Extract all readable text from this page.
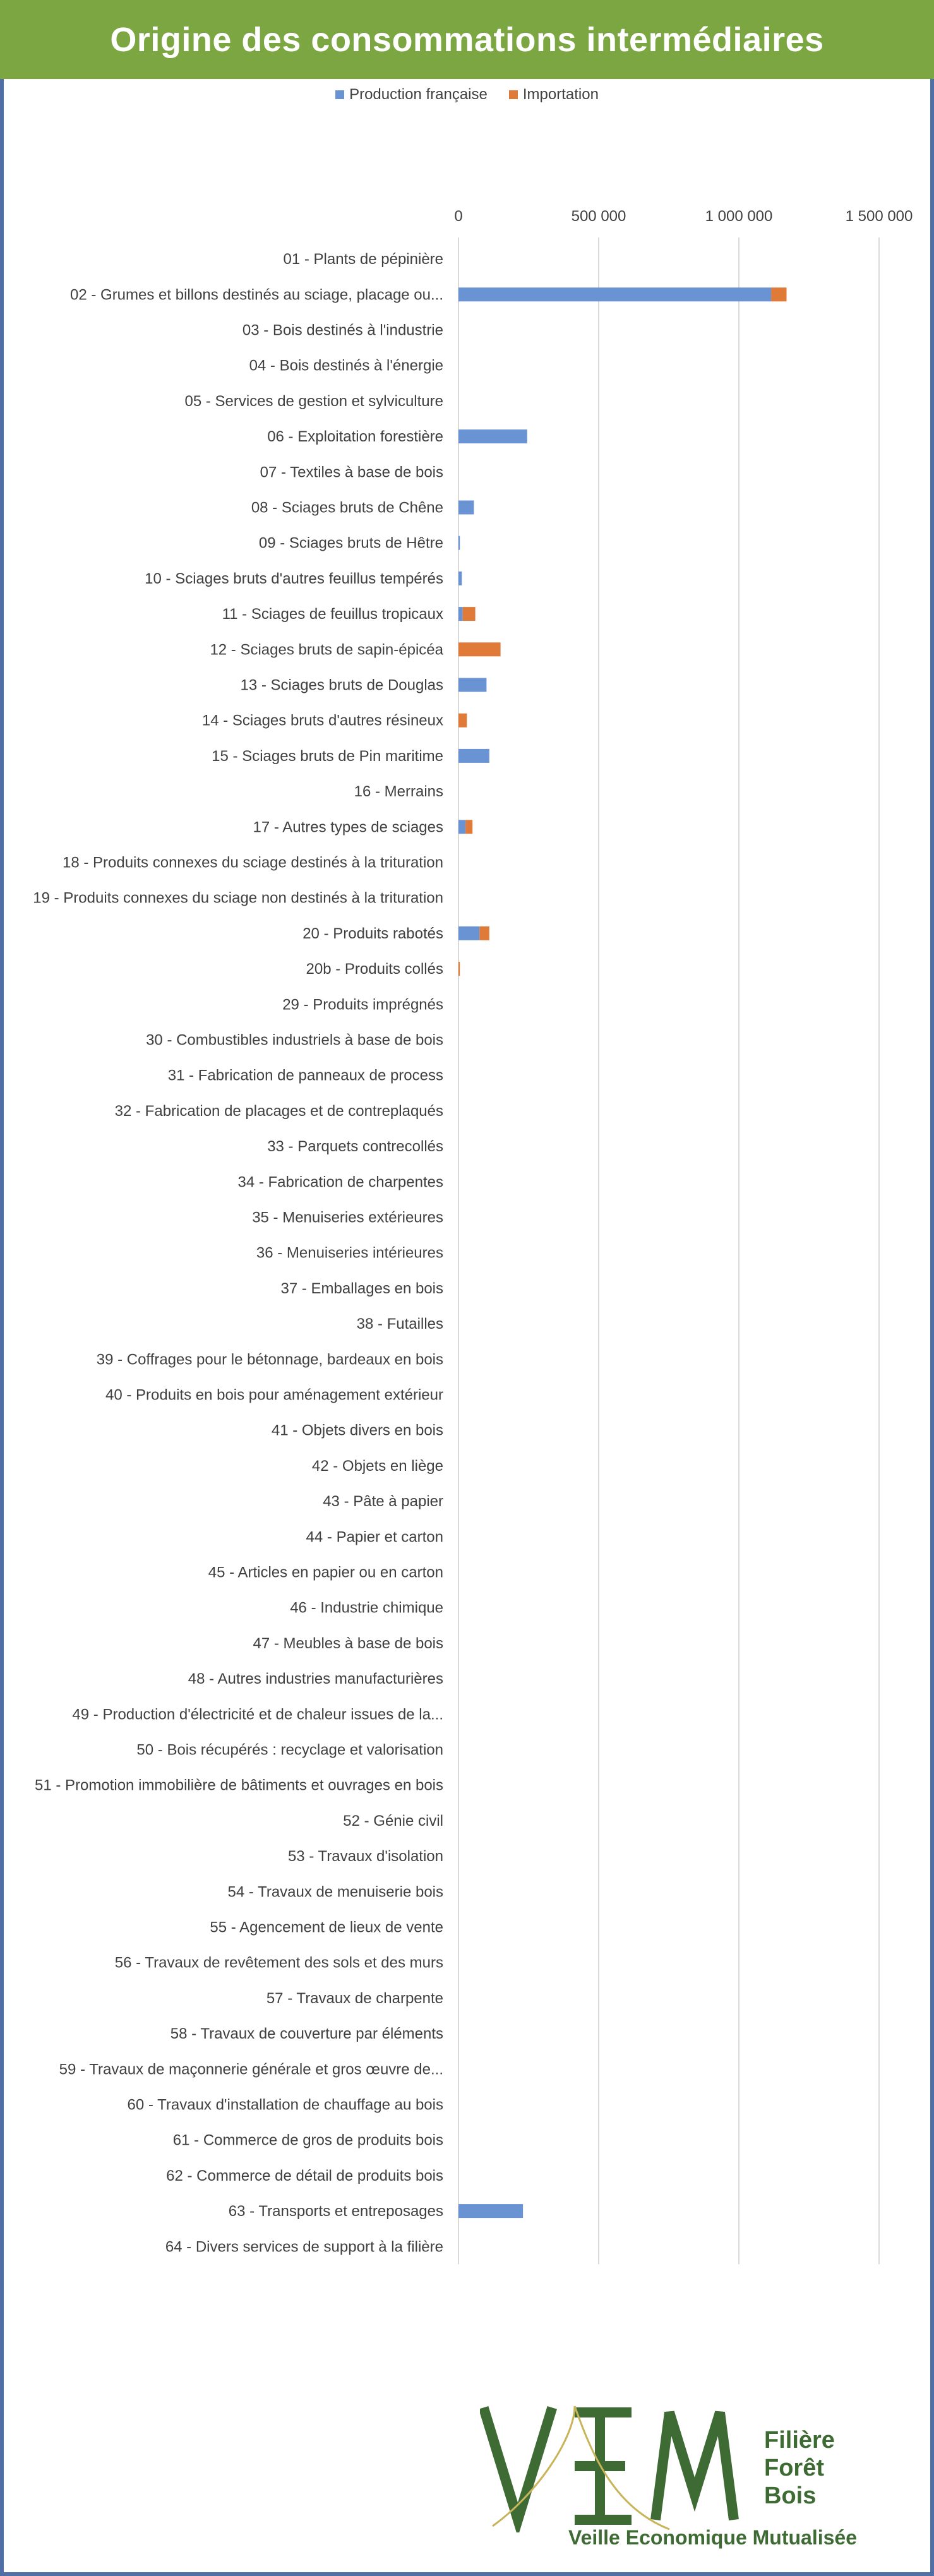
Origine des consommations intermédiaires
Production française Importation
0	500 000	1 000 000	1 500 000
01 - Plants de pépinière
02 - Grumes et billons destinés au sciage, placage ou...
03 - Bois destinés à l'industrie
04 - Bois destinés à l'énergie
05 - Services de gestion et sylviculture
06 - Exploitation forestière
07 - Textiles à base de bois
08 - Sciages bruts de Chêne
09 - Sciages bruts de Hêtre
10 - Sciages bruts d'autres feuillus tempérés
11 - Sciages de feuillus tropicaux
12 - Sciages bruts de sapin-épicéa
13 - Sciages bruts de Douglas
14 - Sciages bruts d'autres résineux
15 - Sciages bruts de Pin maritime
16 - Merrains
17 - Autres types de sciages
18 - Produits connexes du sciage destinés à la trituration
19 - Produits connexes du sciage non destinés à la trituration
20 - Produits rabotés
20b - Produits collés
29 - Produits imprégnés
30 - Combustibles industriels à base de bois
31 - Fabrication de panneaux de process
32 - Fabrication de placages et de contreplaqués
33 - Parquets contrecollés
34 - Fabrication de charpentes
35 - Menuiseries extérieures
36 - Menuiseries intérieures
37 - Emballages en bois
38 - Futailles
39 - Coffrages pour le bétonnage, bardeaux en bois
40 - Produits en bois pour aménagement extérieur
41 - Objets divers en bois
42 - Objets en liège
43 - Pâte à papier
44 - Papier et carton
45 - Articles en papier ou en carton
46 - Industrie chimique
47 - Meubles à base de bois
48 - Autres industries manufacturières
49 - Production d'électricité et de chaleur issues de la...
50 - Bois récupérés : recyclage et valorisation
51 - Promotion immobilière de bâtiments et ouvrages en bois
52 - Génie civil
53 - Travaux d'isolation
54 - Travaux de menuiserie bois
55 - Agencement de lieux de vente
56 - Travaux de revêtement des sols et des murs
57 - Travaux de charpente
58 - Travaux de couverture par éléments
59 - Travaux de maçonnerie générale et gros œuvre de...
60 - Travaux d'installation de chauffage au bois
61 - Commerce de gros de produits bois
62 - Commerce de détail de produits bois
63 - Transports et entreposages
64 - Divers services de support à la filière
Filière
Forêt
Bois
Veille Economique Mutualisée
